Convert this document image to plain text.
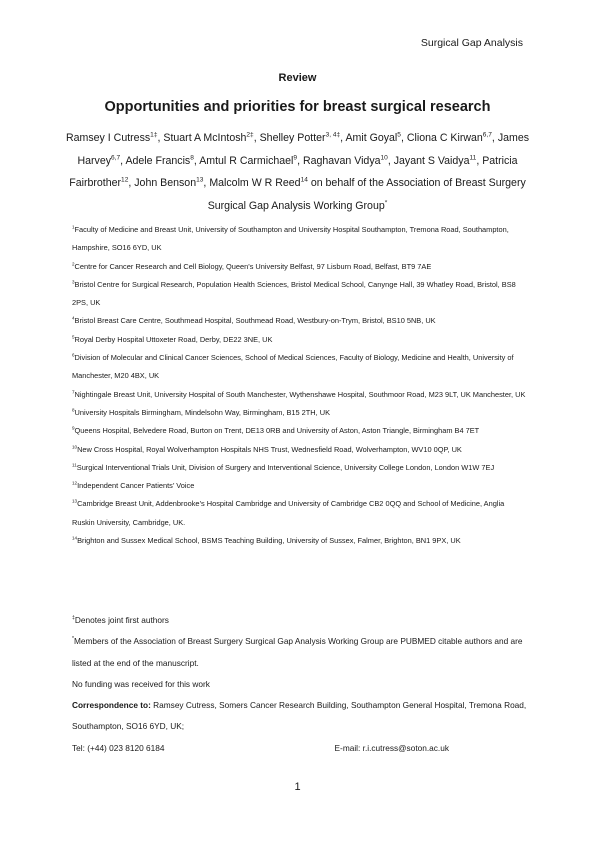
Surgical Gap Analysis
Review
Opportunities and priorities for breast surgical research
Ramsey I Cutress$^{1\ddagger}$, Stuart A McIntosh$^{2\ddagger}$, Shelley Potter$^{3, 4\ddagger}$, Amit Goyal$^5$, Cliona C Kirwan$^{6,7}$, James Harvey$^{6,7}$, Adele Francis$^8$, Amtul R Carmichael$^9$, Raghavan Vidya$^{10}$, Jayant S Vaidya$^{11}$, Patricia Fairbrother$^{12}$, John Benson$^{13}$, Malcolm W R Reed$^{14}$ on behalf of the Association of Breast Surgery
Surgical Gap Analysis Working Group*

$^1$Faculty of Medicine and Breast Unit, University of Southampton and University Hospital Southampton, Tremona Road, Southampton, Hampshire, SO16 6YD, UK

$^2$Centre for Cancer Research and Cell Biology, Queen’s University Belfast, 97 Lisburn Road, Belfast, BT9 7AE

$^3$Bristol Centre for Surgical Research, Population Health Sciences, Bristol Medical School, Canynge Hall, 39 Whatley Road, Bristol, BS8 2PS, UK

$^4$Bristol Breast Care Centre, Southmead Hospital, Southmead Road, Westbury-on-Trym, Bristol, BS10 5NB, UK

$^5$Royal Derby Hospital Uttoxeter Road, Derby, DE22 3NE, UK

$^6$Division of Molecular and Clinical Cancer Sciences, School of Medical Sciences, Faculty of Biology, Medicine and Health, University of Manchester, M20 4BX, UK

$^7$Nightingale Breast Unit, University Hospital of South Manchester, Wythenshawe Hospital, Southmoor Road, M23 9LT, UK Manchester, UK

$^8$University Hospitals Birmingham, Mindelsohn Way, Birmingham, B15 2TH, UK

$^9$Queens Hospital, Belvedere Road, Burton on Trent, DE13 0RB and University of Aston, Aston Triangle, Birmingham B4 7ET

$^{10}$New Cross Hospital, Royal Wolverhampton Hospitals NHS Trust, Wednesfield Road, Wolverhampton, WV10 0QP, UK

$^{11}$Surgical Interventional Trials Unit, Division of Surgery and Interventional Science, University College London, London W1W 7EJ

$^{12}$Independent Cancer Patients’ Voice

$^{13}$Cambridge Breast Unit, Addenbrooke’s Hospital Cambridge and University of Cambridge CB2 0QQ and School of Medicine, Anglia Ruskin University, Cambridge, UK.

$^{14}$Brighton and Sussex Medical School, BSMS Teaching Building, University of Sussex, Falmer, Brighton, BN1 9PX, UK

‡Denotes joint first authors

*Members of the Association of Breast Surgery Surgical Gap Analysis Working Group are PUBMED citable authors and are listed at the end of the manuscript.

No funding was received for this work

Correspondence to: Ramsey Cutress, Somers Cancer Research Building, Southampton General Hospital, Tremona Road, Southampton, SO16 6YD, UK;

Tel: (+44) 023 8120 6184	E-mail: r.i.cutress@soton.ac.uk

1
